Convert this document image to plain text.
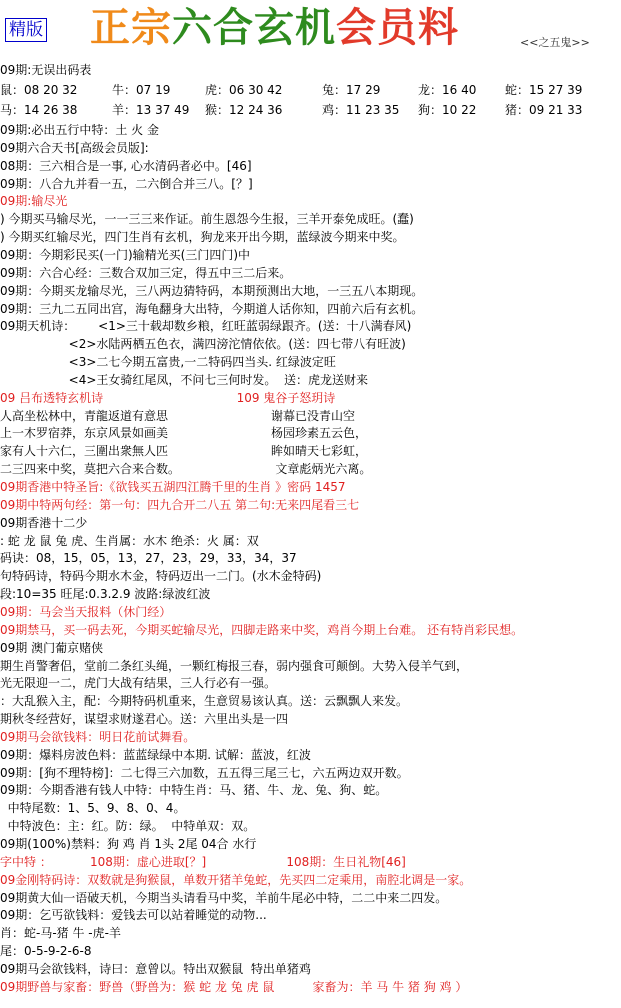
精版 正宗六合玄机会员料	<<之五鬼>>
09期:无误出码表
鼠：08 20 32	牛：07 19	虎：06 30 42	兔：17 29	龙：16 40 蛇：15 27 39
马：14 26 38	羊：13 37 49 猴：12 24 36	鸡：11 23 35 狗：10 22 猪：09 21 33
09期:必出五行中特：土 火 金
09期六合天书[高级会员版]:
08期：三六相合是一事, 心水清码者必中。[46]
09期：八合九并看一五，二六倒合并三八。[？]
09期:输尽光
) 今期买马输尽光，一一三三来作证。前生恩怨今生报，三羊开泰免成旺。(蠢)
) 今期买红输尽光，四门生肖有玄机，狗龙来开出今期，蓝绿波今期来中奖。
09期：今期彩民买(一门)输精光买(三门四门)中
09期：六合心经：三数合双加三定，得五中三二后来。
09期：今期买龙输尽光，三八两边猜特码，本期预测出大地，一三五八本期现。
09期：三九二五同出宫，海龟翻身大出特，今期道人话你知，四前六后有玄机。
09期天机诗：      <1>三十载却数乡粮，红旺蓝弱绿跟齐。(送：十八满春风)
<2>水陆两栖五色衣，满四滂沱情依依。(送：四七带八有旺波)
<3>二七今期五富贵,一二特码四当头. 红绿波定旺
<4>王女骑红尾凤，不问七三何时发。  送：虎龙送财来
09 吕布透特玄机诗                                   109 鬼谷子怒玥诗
人高坐松林中，青龍返道有意思                           谢幕已没青山空
上一木罗宿莽，东京风景如画美                           杨园珍素五云色，
家有人十六仁，三圍出衆無人匹                           眸如晴天七彩虹，
二三四来中奖，莫把六合来合数。                         文章彪炳光六离。
09期香港中特圣旨:《欲钱买五湖四江腾千里的生肖 》密码 1457
09期中特两句经：第一句：四九合开二八五 第二句:无来四尾看三七
09期香港十二少
: 蛇 龙 鼠 兔 虎、生肖属：水木 绝杀：火 属：双
码诀：08，15，05，13，27，23，29，33，34，37
句特码诗，特码今期水木金，特码迈出一二门。(水木金特码)
段:10=35 旺尾:0.3.2.9 波路:绿波红波
09期：马会当天报料（休门经）
09期禁马，买一码去死，今期买蛇输尽光，四脚走路来中奖，鸡肖今期上台难。 还有特肖彩民想。
09期 澳门葡京赌侠
期生肖警奢侣，堂前二条红头绳，一颗红梅报三春，弱内强食可颠倒。大势入侵羊气到，
光无限迎一二，虎门大战有结果，三人行必有一强。
：大乱猴入主，配：今期特码机重来，生意贸易该认真。送：云飘飘人来发。
期秋冬经营好，谋望求财遂君心。送：六里出头是一四
09期马会欲钱料：明日花前试舞看。
09期：爆料房波色料：蓝蓝绿绿中本期. 试解：蓝波，红波
09期：[狗不理特榜]：二七得三六加数，五五得三尾三七，六五两边双开数。
09期：今期香港有钱人中特：中特生肖：马、猪、牛、龙、兔、狗、蛇。
中特尾数：1、5、9、8、0、4。
中特波色：主：红。防：绿。  中特单双：双。
09期(100%)禁料：狗 鸡 肖 1头 2尾 04合 水行
字中特 ：          108期：虚心进取[？]                     108期：生日礼物[46]
09金刚特码诗：双数就是狗猴鼠，单数开猪羊兔蛇，先买四二定乘用，南腔北调是一家。
09期黄大仙一语破天机，今期当头请看马中奖，羊前牛尾必中特，二二中来二四发。
09期：乞丐欲钱料：爱钱去可以站着睡觉的动物...
肖：蛇-马-猪 牛 -虎-羊
尾：0-5-9-2-6-8
09期马会欲钱料，诗曰：意曾以。特出双猴鼠  特出单猪鸡
09期野兽与家畜：野兽（野兽为：猴 蛇 龙 兔 虎 鼠          家畜为：羊 马 牛 猪 狗 鸡 ）
